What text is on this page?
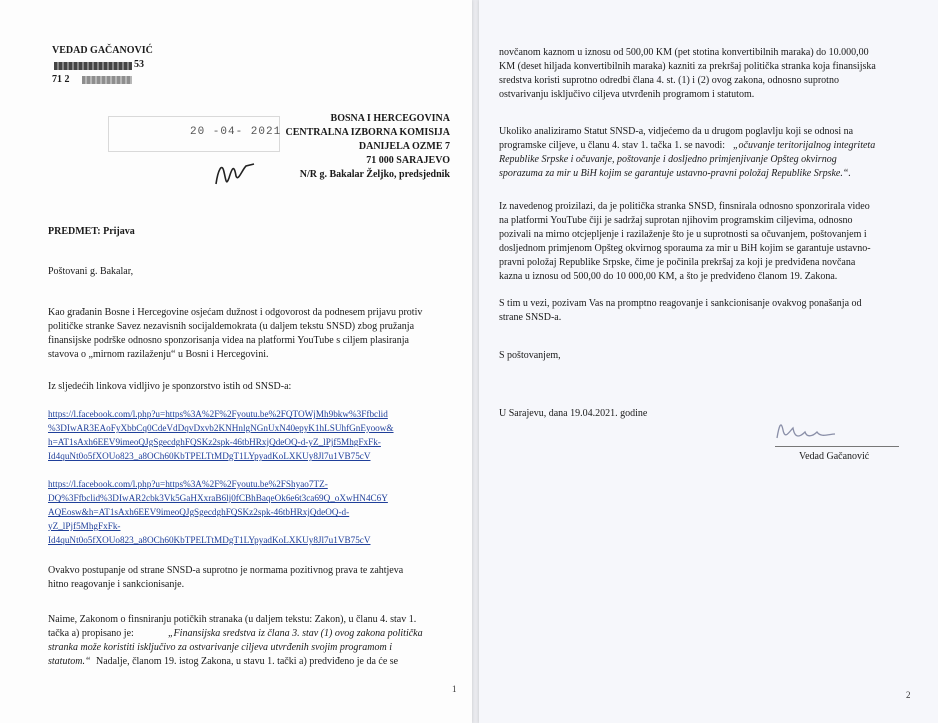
VEDAD GAČANOVIĆ
53
71 2
20 -04- 2021
BOSNA I HERCEGOVINA
CENTRALNA IZBORNA KOMISIJA
DANIJELA OZME 7
71 000 SARAJEVO
N/R g. Bakalar Željko, predsjednik
PREDMET: Prijava
Poštovani g. Bakalar,
Kao građanin Bosne i Hercegovine osjećam dužnost i odgovorost da podnesem prijavu protiv
političke stranke Savez nezavisnih socijaldemokrata (u daljem tekstu SNSD) zbog pružanja
finansijske podrške odnosno sponzorisanja videa na platformi YouTube s ciljem plasiranja
stavova o „mirnom razilaženju“ u Bosni i Hercegovini.
Iz sljedećih linkova vidljivo je sponzorstvo istih od SNSD-a:
https://l.facebook.com/l.php?u=https%3A%2F%2Fyoutu.be%2FQTOWjMh9bkw%3Ffbclid
%3DIwAR3EAoFyXbbCq0CdeVdDqvDxvb2KNHnlgNGnUxN40epyK1hLSUhfGnEyoow&
h=AT1sAxh6EEV9imeoQJgSgecdghFQSKz2spk-46tbHRxjQdeOQ-d-yZ_lPjf5MhgFxFk-
Id4quNt0o5fXOUo823_a8OCh60KbTPELTtMDgT1LYpyadKoLXKUy8Jl7u1VB75cV
https://l.facebook.com/l.php?u=https%3A%2F%2Fyoutu.be%2FShyao7TZ-
DQ%3Ffbclid%3DIwAR2cbk3Vk5GaHXxraB6lj0fCBhBaqeOk6e6t3ca69Q_oXwHN4C6Y
AQEosw&h=AT1sAxh6EEV9imeoQJgSgecdghFQSKz2spk-46tbHRxjQdeOQ-d-
yZ_lPjf5MhgFxFk-
Id4quNt0o5fXOUo823_a8OCh60KbTPELTtMDgT1LYpyadKoLXKUy8Jl7u1VB75cV
Ovakvo postupanje od strane SNSD-a suprotno je normama pozitivnog prava te zahtjeva
hitno reagovanje i sankcionisanje.
Naime, Zakonom o finsniranju potičkih stranaka (u daljem tekstu: Zakon), u članu 4. stav 1.
tačka a) propisano je:	„Finansijska sredstva iz člana 3. stav (1) ovog zakona politička
stranka može koristiti isključivo za ostvarivanje ciljeva utvrđenih svojim programom i
statutom.“ Nadalje, članom 19. istog Zakona, u stavu 1. tački a) predviđeno je da će se
1
novčanom kaznom u iznosu od 500,00 KM (pet stotina konvertibilnih maraka) do 10.000,00
KM (deset hiljada konvertibilnih maraka) kazniti za prekršaj politička stranka koja finansijska
sredstva koristi suprotno odredbi člana 4. st. (1) i (2) ovog zakona, odnosno suprotno
ostvarivanju isključivo ciljeva utvrđenih programom i statutom.
Ukoliko analiziramo Statut SNSD-a, vidjećemo da u drugom poglavlju koji se odnosi na
programske ciljeve, u članu 4. stav 1. tačka 1. se navodi: „očuvanje teritorijalnog integriteta
Republike Srpske i očuvanje, poštovanje i dosljedno primjenjivanje Opšteg okvirnog
sporazuma za mir u BiH kojim se garantuje ustavno-pravni položaj Republike Srpske.“.
Iz navedenog proizilazi, da je politička stranka SNSD, finsnirala odnosno sponzorirala video
na platformi YouTube čiji je sadržaj suprotan njihovim programskim ciljevima, odnosno
pozivali na mirno otcjepljenje i razilaženje što je u suprotnosti sa očuvanjem, poštovanjem i
dosljednom primjenom Opšteg okvirnog sporauma za mir u BiH kojim se garantuje ustavno-
pravni položaj Republike Srpske, čime je počinila prekršaj za koji je predviđena novčana
kazna u iznosu od 500,00 do 10 000,00 KM, a što je predviđeno članom 19. Zakona.
S tim u vezi, pozivam Vas na promptno reagovanje i sankcionisanje ovakvog ponašanja od
strane SNSD-a.
S poštovanjem,
U Sarajevu, dana 19.04.2021. godine
Vedad Gačanović
2
